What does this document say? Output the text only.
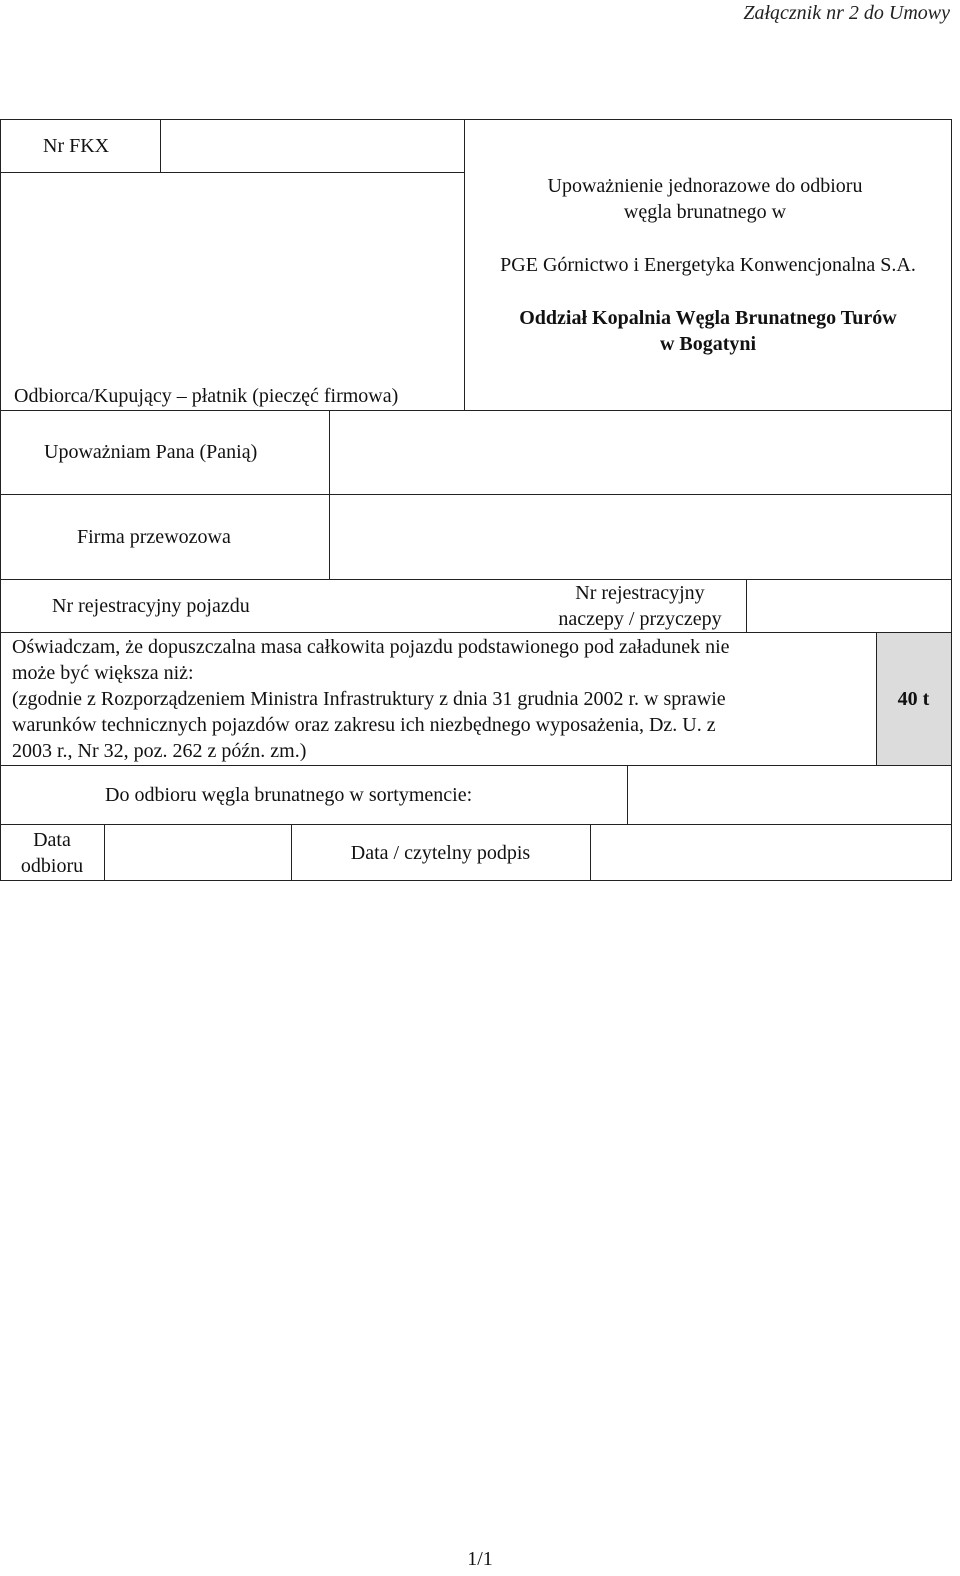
Załącznik nr 2 do Umowy
Nr FKX
Upoważnienie jednorazowe do odbioru węgla brunatnego w
PGE Górnictwo i Energetyka Konwencjonalna S.A.
Oddział Kopalnia Węgla Brunatnego Turów
w Bogatyni
Odbiorca/Kupujący – płatnik (pieczęć firmowa)
Upoważniam Pana (Panią)
Firma przewozowa
Nr rejestracyjny pojazdu
Nr rejestracyjny
naczepy / przyczepy
Oświadczam, że dopuszczalna masa całkowita pojazdu podstawionego pod załadunek nie
może być większa niż:
(zgodnie z Rozporządzeniem Ministra Infrastruktury z dnia 31 grudnia 2002 r. w sprawie
warunków technicznych pojazdów oraz zakresu ich niezbędnego wyposażenia, Dz. U. z
2003 r., Nr 32, poz. 262 z późn. zm.)
40 t
Do odbioru węgla brunatnego w sortymencie:
Data
odbioru
Data / czytelny podpis
1/1
